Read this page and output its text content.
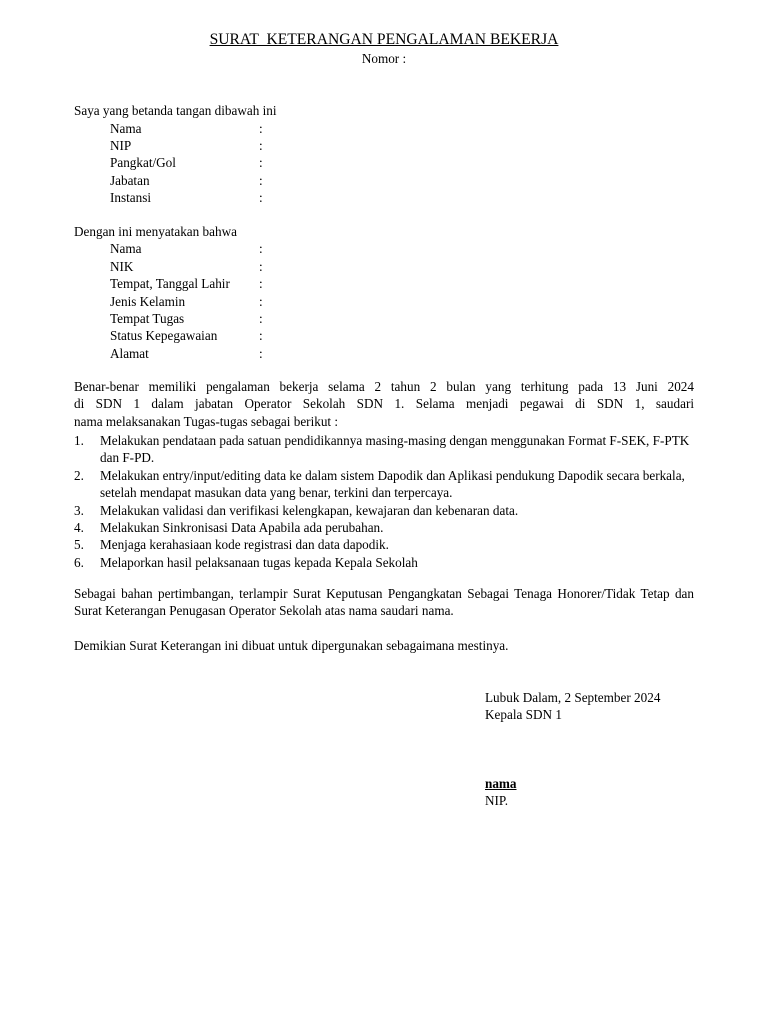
SURAT  KETERANGAN PENGALAMAN BEKERJA
Nomor :
Saya yang betanda tangan dibawah ini
Nama	:
NIP	:
Pangkat/Gol	:
Jabatan	:
Instansi	:
Dengan ini menyatakan bahwa
Nama	:
NIK	:
Tempat, Tanggal Lahir :
Jenis Kelamin	:
Tempat Tugas	:
Status Kepegawaian	:
Alamat	:
Benar-benar memiliki pengalaman bekerja selama 2 tahun 2 bulan yang terhitung pada 13 Juni 2024
di SDN 1 dalam jabatan Operator Sekolah SDN 1. Selama menjadi pegawai di SDN 1, saudari
nama melaksanakan Tugas-tugas sebagai berikut :
1. Melakukan pendataan pada satuan pendidikannya masing-masing dengan menggunakan Format F-SEK, F-PTK dan F-PD.
2. Melakukan entry/input/editing data ke dalam sistem Dapodik dan Aplikasi pendukung Dapodik secara berkala, setelah mendapat masukan data yang benar, terkini dan terpercaya.
3. Melakukan validasi dan verifikasi kelengkapan, kewajaran dan kebenaran data.
4. Melakukan Sinkronisasi Data Apabila ada perubahan.
5. Menjaga kerahasiaan kode registrasi dan data dapodik.
6. Melaporkan hasil pelaksanaan tugas kepada Kepala Sekolah
Sebagai bahan pertimbangan, terlampir Surat Keputusan Pengangkatan Sebagai Tenaga Honorer/Tidak Tetap dan Surat Keterangan Penugasan Operator Sekolah atas nama saudari nama.
Demikian Surat Keterangan ini dibuat untuk dipergunakan sebagaimana mestinya.
Lubuk Dalam, 2 September 2024
Kepala SDN 1
nama
NIP.
